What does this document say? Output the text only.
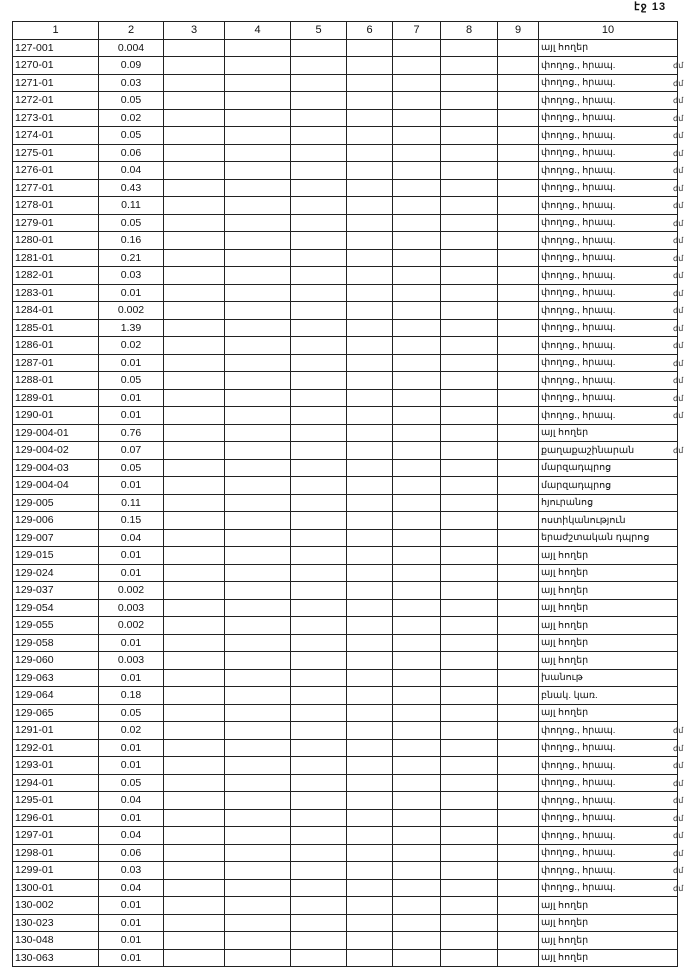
էջ 13
1	2	3	4	5	6	7	8	9	10
127-001	0.004								այլ հողեր
1270-01	0.09								փողոց., հրապ.
1271-01	0.03								փողոց., հրապ.
1272-01	0.05								փողոց., հրապ.
1273-01	0.02								փողոց., հրապ.
1274-01	0.05								փողոց., հրապ.
1275-01	0.06								փողոց., հրապ.
1276-01	0.04								փողոց., հրապ.
1277-01	0.43								փողոց., հրապ.
1278-01	0.11								փողոց., հրապ.
1279-01	0.05								փողոց., հրապ.
1280-01	0.16								փողոց., հրապ.
1281-01	0.21								փողոց., հրապ.
1282-01	0.03								փողոց., հրապ.
1283-01	0.01								փողոց., հրապ.
1284-01	0.002								փողոց., հրապ.
1285-01	1.39								փողոց., հրապ.
1286-01	0.02								փողոց., հրապ.
1287-01	0.01								փողոց., հրապ.
1288-01	0.05								փողոց., հրապ.
1289-01	0.01								փողոց., հրապ.
1290-01	0.01								փողոց., հրապ.
129-004-01	0.76								այլ հողեր
129-004-02	0.07								քաղաքաշինարան
129-004-03	0.05								մարզադպրոց
129-004-04	0.01								մարզադպրոց
129-005	0.11								հյուրանոց
129-006	0.15								ոստիկանություն
129-007	0.04								երաժշտական դպրոց
129-015	0.01								այլ հողեր
129-024	0.01								այլ հողեր
129-037	0.002								այլ հողեր
129-054	0.003								այլ հողեր
129-055	0.002								այլ հողեր
129-058	0.01								այլ հողեր
129-060	0.003								այլ հողեր
129-063	0.01								խանութ
129-064	0.18								բնակ. կառ.
129-065	0.05								այլ հողեր
1291-01	0.02								փողոց., հրապ.
1292-01	0.01								փողոց., հրապ.
1293-01	0.01								փողոց., հրապ.
1294-01	0.05								փողոց., հրապ.
1295-01	0.04								փողոց., հրապ.
1296-01	0.01								փողոց., հրապ.
1297-01	0.04								փողոց., հրապ.
1298-01	0.06								փողոց., հրապ.
1299-01	0.03								փողոց., հրապ.
1300-01	0.04								փողոց., հրապ.
130-002	0.01								այլ հողեր
130-023	0.01								այլ հողեր
130-048	0.01								այլ հողեր
130-063	0.01								այլ հողեր
ժմ
ժմ
ժմ
ժմ
ժմ
ժմ
ժմ
ժմ
ժմ
ժմ
ժմ
ժմ
ժմ
ժմ
ժմ
ժմ
ժմ
ժմ
ժմ
ժմ
ժմ
ժմ
ժմ
ժմ
ժմ
ժմ
ժմ
ժմ
ժմ
ժմ
ժմ
ժմ
